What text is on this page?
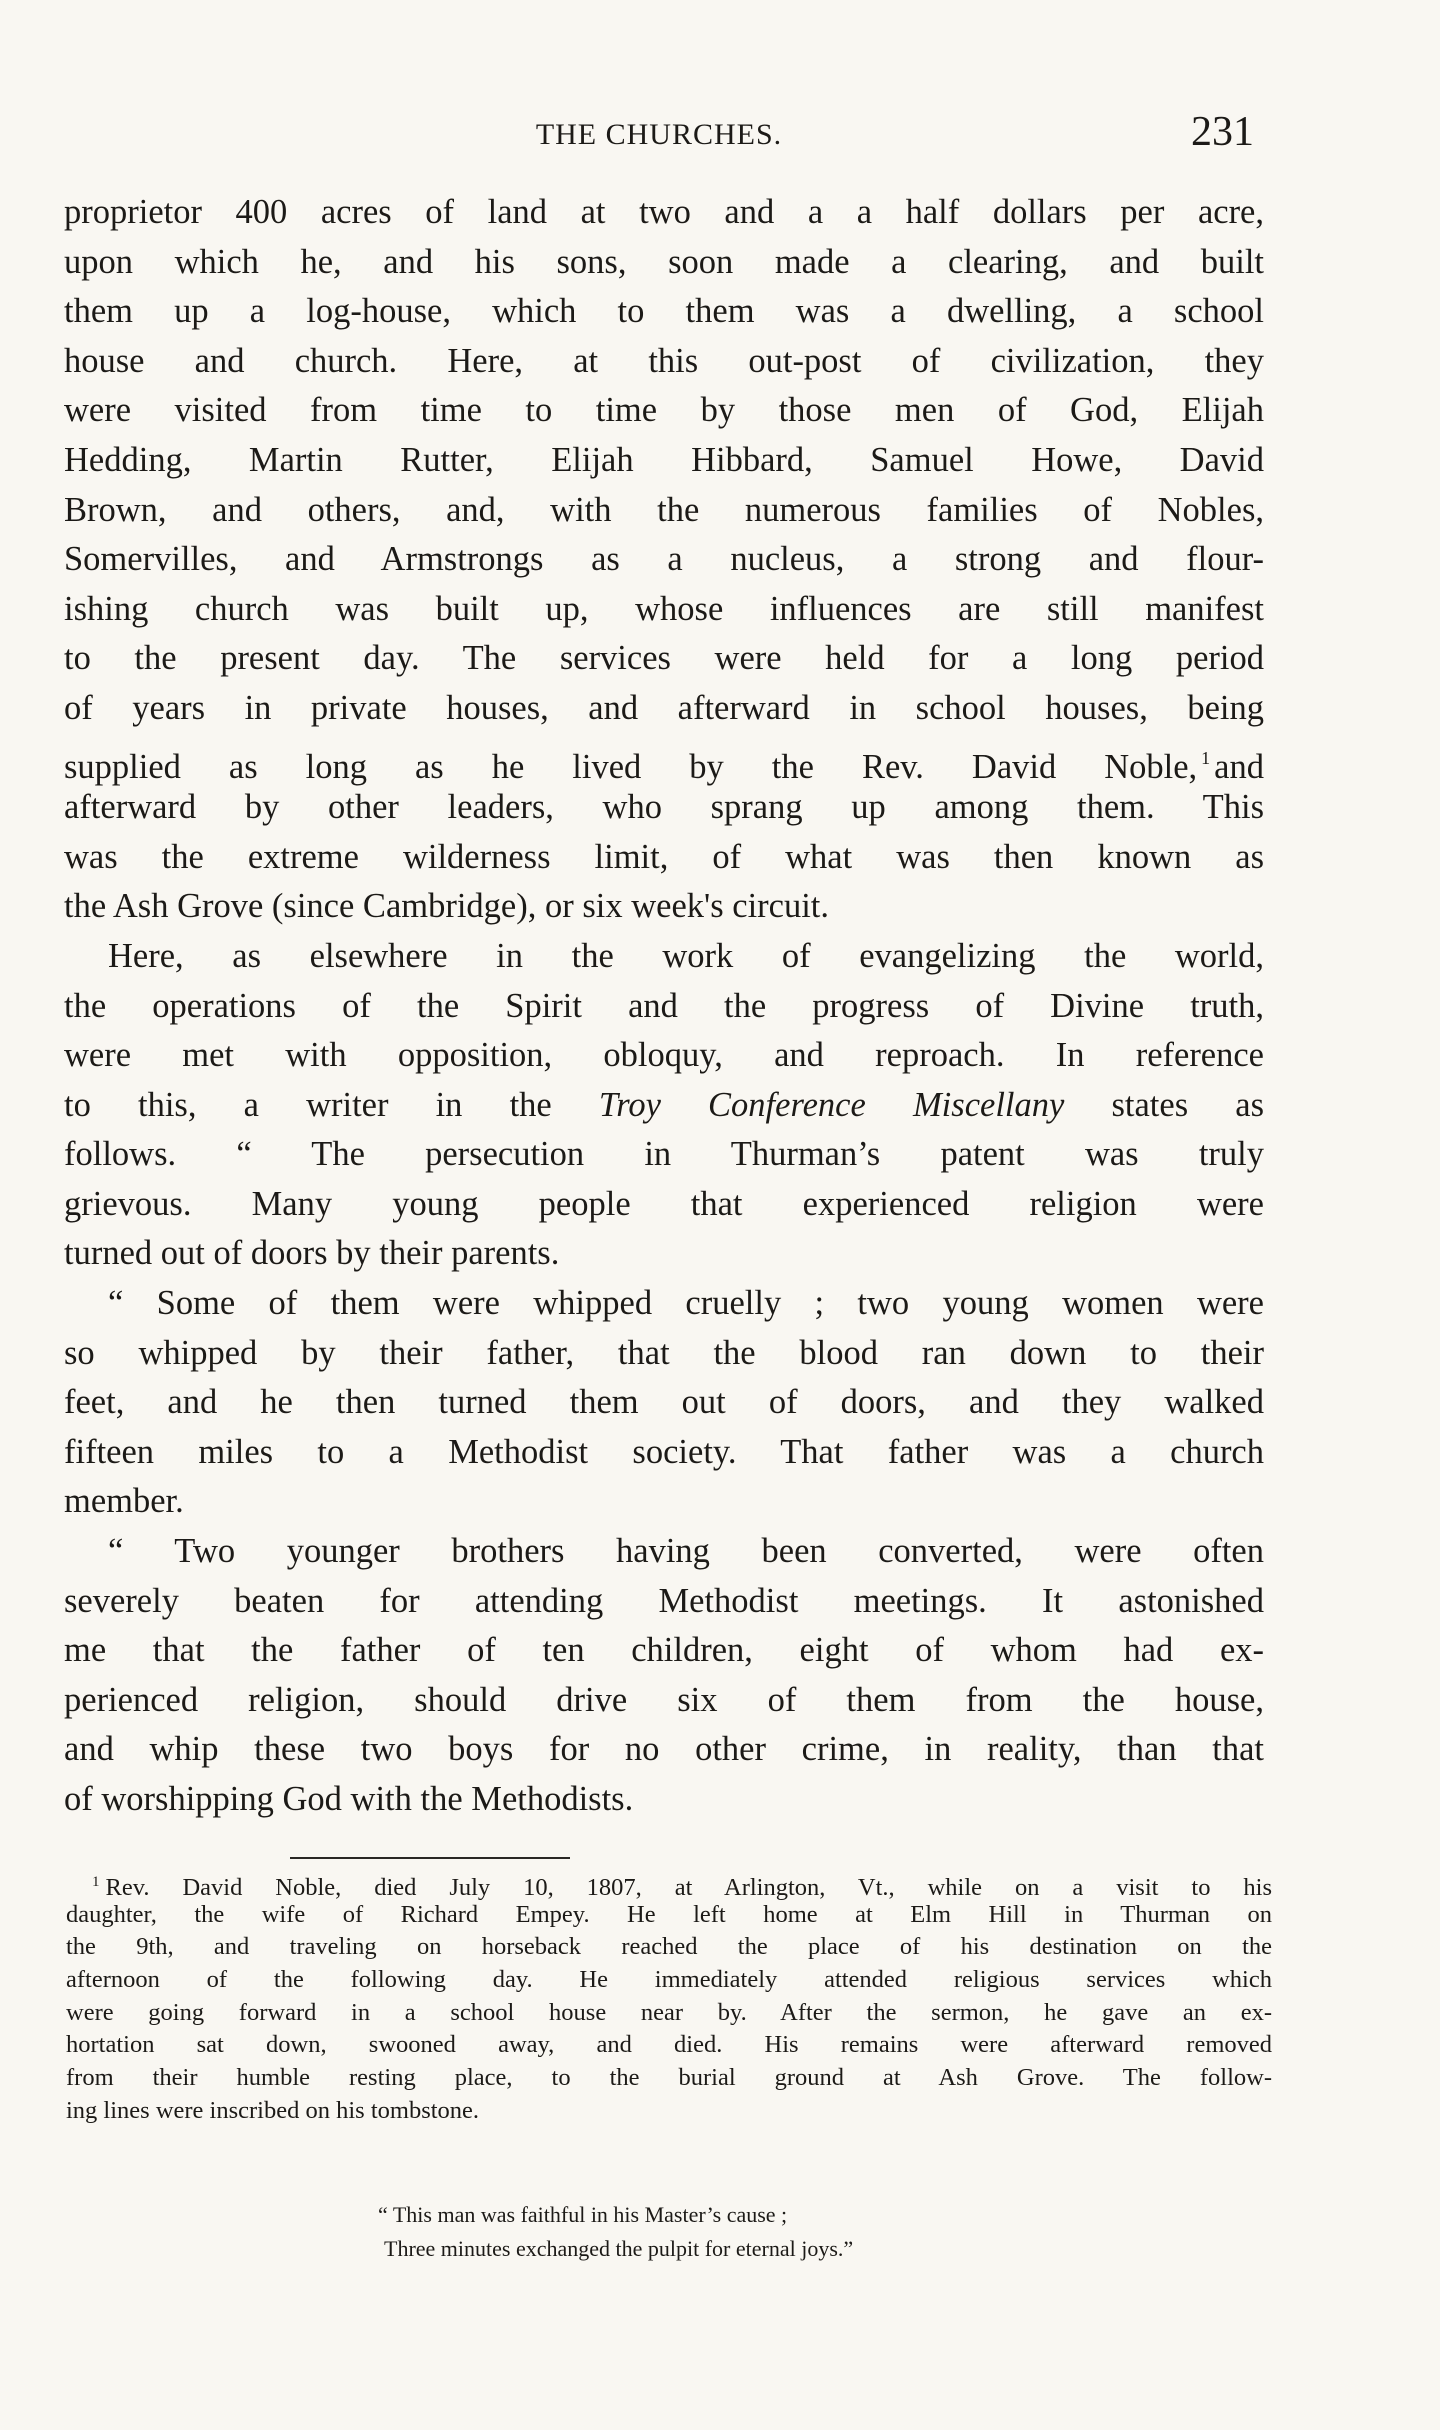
THE CHURCHES.	231
proprietor 400 acres of land at two and a a half dollars per acre,
upon which he, and his sons, soon made a clearing, and built
them up a log-house, which to them was a dwelling, a school
house and church. Here, at this out-post of civilization, they
were visited from time to time by those men of God, Elijah
Hedding, Martin Rutter, Elijah Hibbard, Samuel Howe, David
Brown, and others, and, with the numerous families of Nobles,
Somervilles, and Armstrongs as a nucleus, a strong and flour-
ishing church was built up, whose influences are still manifest
to the present day. The services were held for a long period
of years in private houses, and afterward in school houses, being
supplied as long as he lived by the Rev. David Noble, $^1$ and
afterward by other leaders, who sprang up among them. This
was the extreme wilderness limit, of what was then known as
the Ash Grove (since Cambridge), or six week's circuit.
Here, as elsewhere in the work of evangelizing the world,
the operations of the Spirit and the progress of Divine truth,
were met with opposition, obloquy, and reproach. In reference
to this, a writer in the Troy Conference Miscellany states as
follows. “ The persecution in Thurman’s patent was truly
grievous. Many young people that experienced religion were
turned out of doors by their parents.
“ Some of them were whipped cruelly ; two young women were
so whipped by their father, that the blood ran down to their
feet, and he then turned them out of doors, and they walked
fifteen miles to a Methodist society. That father was a church
member.
“ Two younger brothers having been converted, were often
severely beaten for attending Methodist meetings. It astonished
me that the father of ten children, eight of whom had ex-
perienced religion, should drive six of them from the house,
and whip these two boys for no other crime, in reality, than that
of worshipping God with the Methodists.
$^1$ Rev. David Noble, died July 10, 1807, at Arlington, Vt., while on a visit to his
daughter, the wife of Richard Empey. He left home at Elm Hill in Thurman on
the 9th, and traveling on horseback reached the place of his destination on the
afternoon of the following day. He immediately attended religious services which
were going forward in a school house near by. After the sermon, he gave an ex-
hortation sat down, swooned away, and died. His remains were afterward removed
from their humble resting place, to the burial ground at Ash Grove. The follow-
ing lines were inscribed on his tombstone.
“ This man was faithful in his Master’s cause ;
Three minutes exchanged the pulpit for eternal joys.”
